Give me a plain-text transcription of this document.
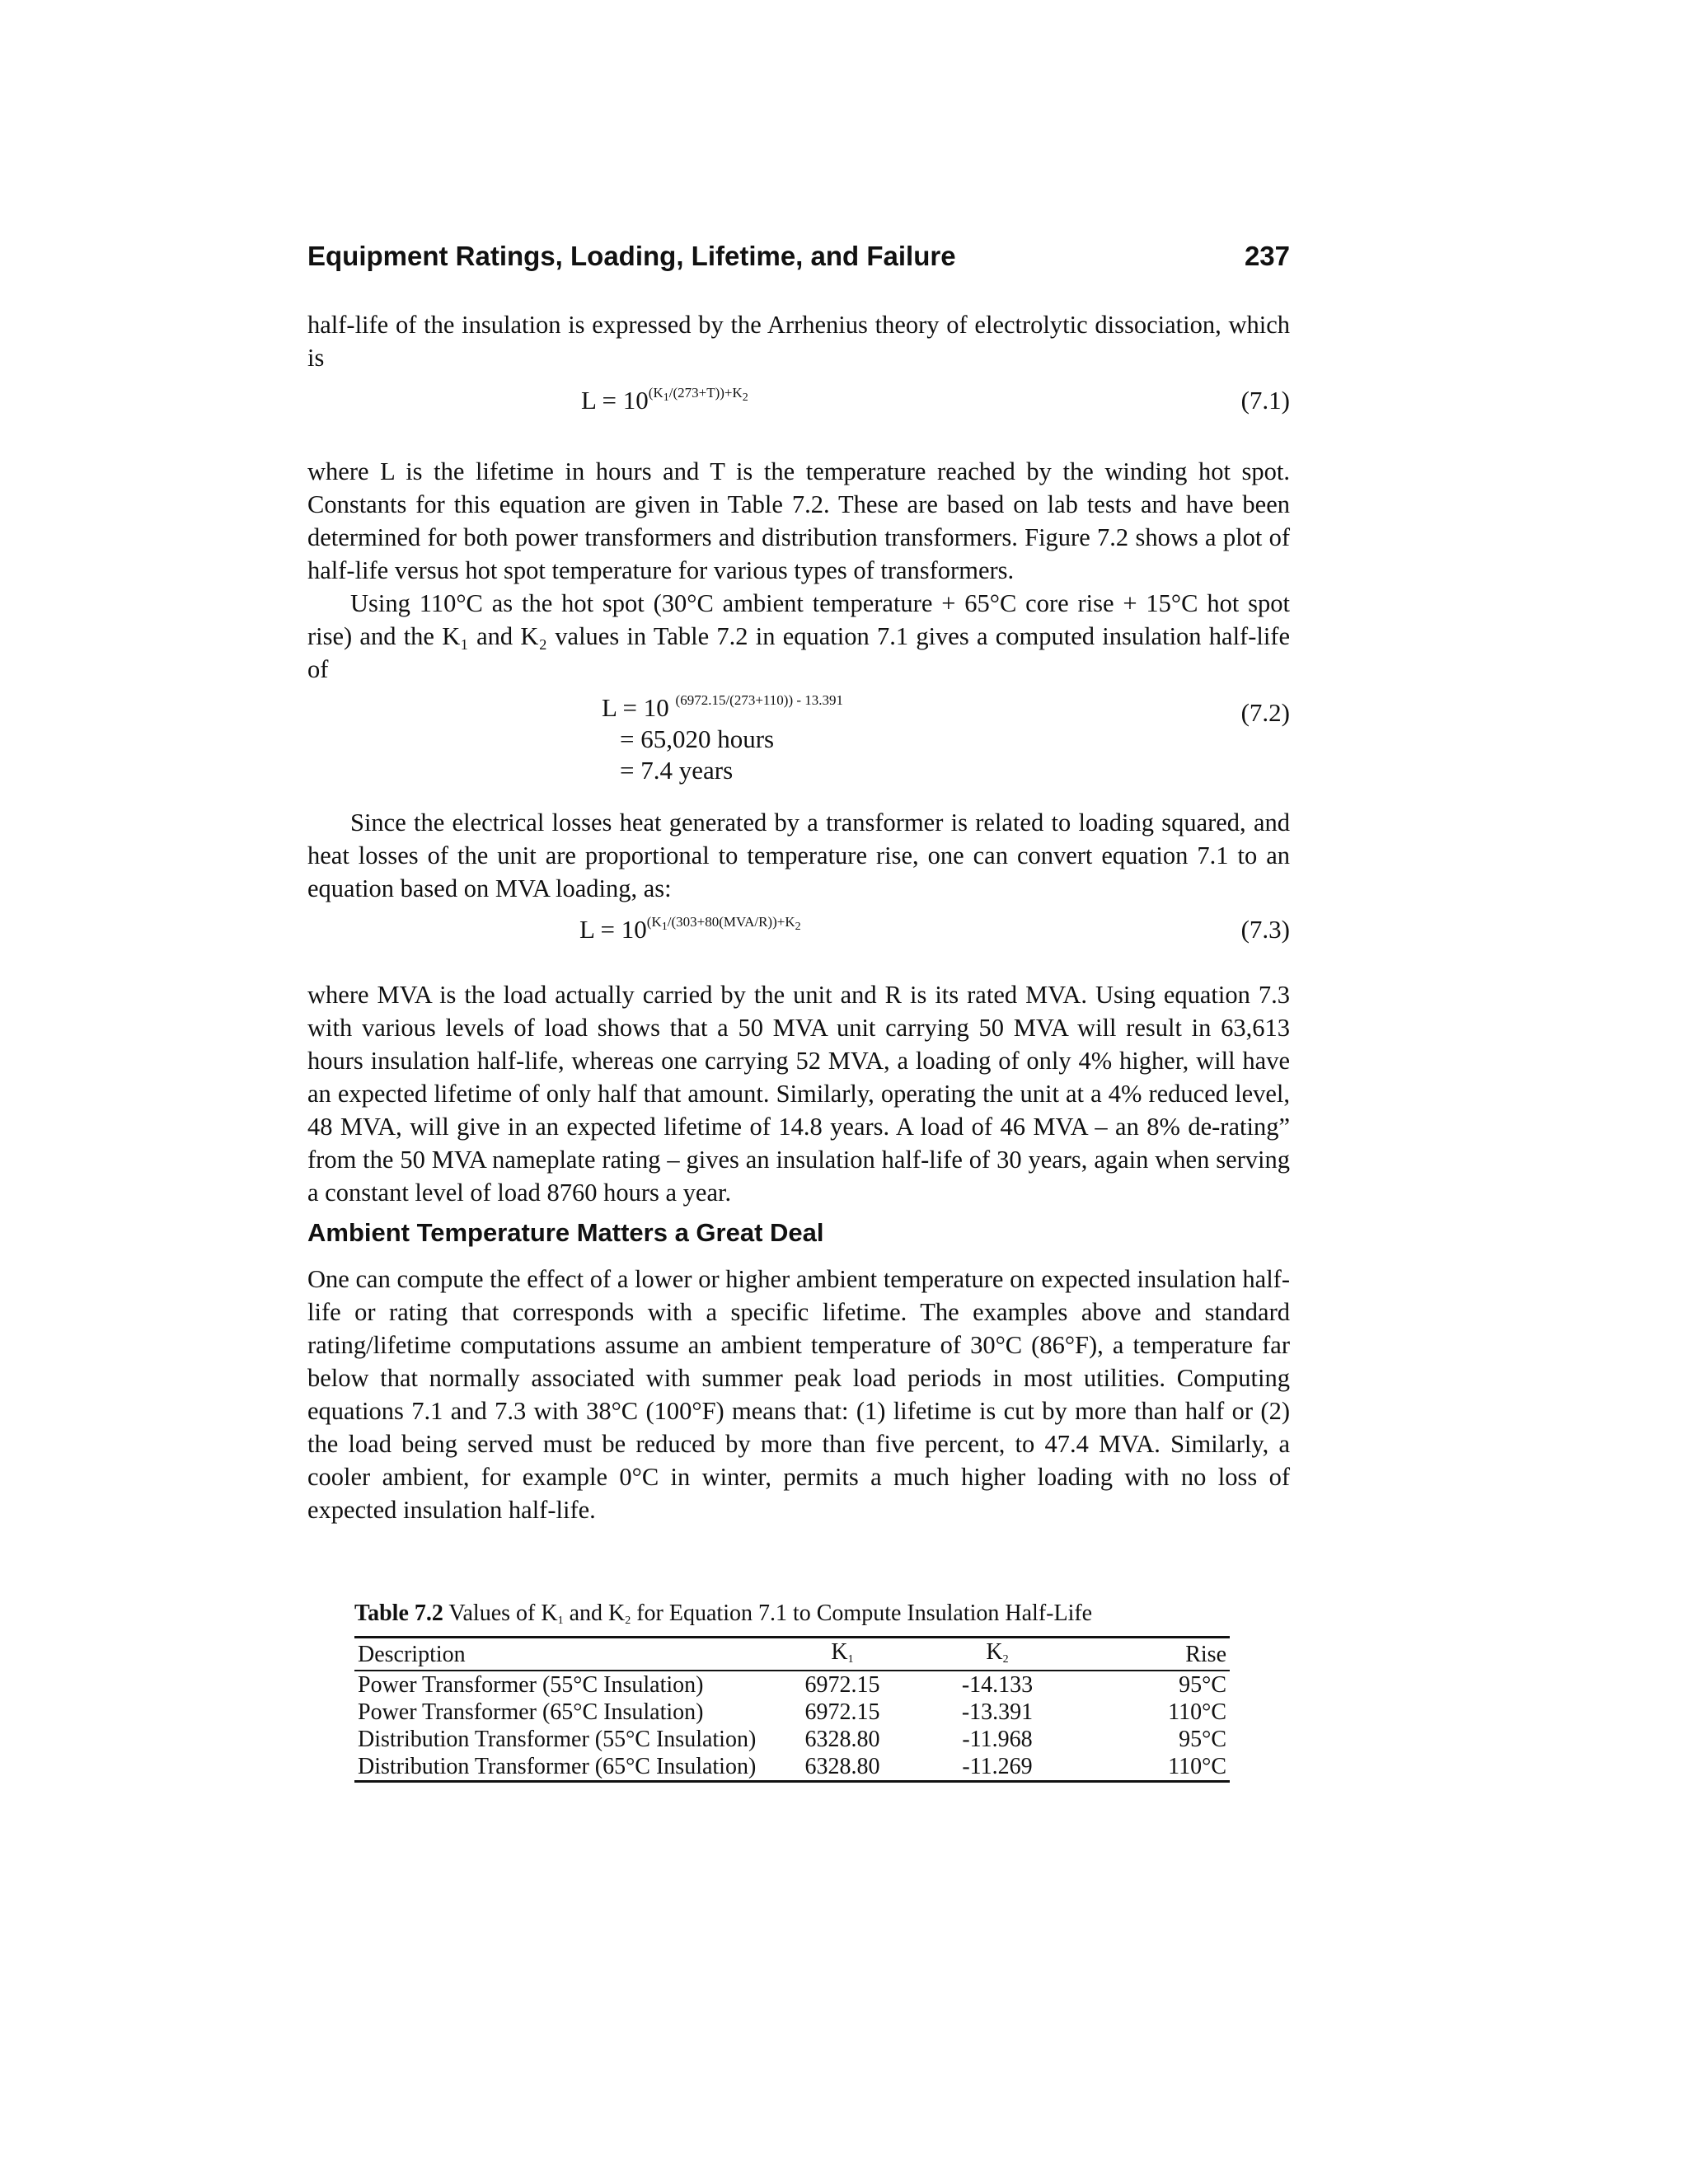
Equipment Ratings, Loading, Lifetime, and Failure	237

half-life of the insulation is expressed by the Arrhenius theory of electrolytic dissociation, which is

$L = 10^{(K_1/(273+T))+K_2}$	(7.1)

where L is the lifetime in hours and T is the temperature reached by the winding hot spot. Constants for this equation are given in Table 7.2. These are based on lab tests and have been determined for both power transformers and distribution transformers. Figure 7.2 shows a plot of half-life versus hot spot temperature for various types of transformers.

Using 110°C as the hot spot (30°C ambient temperature + 65°C core rise + 15°C hot spot rise) and the K₁ and K₂ values in Table 7.2 in equation 7.1 gives a computed insulation half-life of

L = 10 $^{(6972.15/(273+110)) - 13.391}$	(7.2)
= 65,020 hours
= 7.4 years

Since the electrical losses heat generated by a transformer is related to loading squared, and heat losses of the unit are proportional to temperature rise, one can convert equation 7.1 to an equation based on MVA loading, as:

$L = 10^{(K_1/(303+80(MVA/R))+K_2}$	(7.3)

where MVA is the load actually carried by the unit and R is its rated MVA. Using equation 7.3 with various levels of load shows that a 50 MVA unit carrying 50 MVA will result in 63,613 hours insulation half-life, whereas one carrying 52 MVA, a loading of only 4% higher, will have an expected lifetime of only half that amount. Similarly, operating the unit at a 4% reduced level, 48 MVA, will give in an expected lifetime of 14.8 years. A load of 46 MVA – an 8% de-rating” from the 50 MVA nameplate rating – gives an insulation half-life of 30 years, again when serving a constant level of load 8760 hours a year.

Ambient Temperature Matters a Great Deal

One can compute the effect of a lower or higher ambient temperature on expected insulation half-life or rating that corresponds with a specific lifetime. The examples above and standard rating/lifetime computations assume an ambient temperature of 30°C (86°F), a temperature far below that normally associated with summer peak load periods in most utilities. Computing equations 7.1 and 7.3 with 38°C (100°F) means that: (1) lifetime is cut by more than half or (2) the load being served must be reduced by more than five percent, to 47.4 MVA. Similarly, a cooler ambient, for example 0°C in winter, permits a much higher loading with no loss of expected insulation half-life.

Table 7.2 Values of K1 and K2 for Equation 7.1 to Compute Insulation Half-Life
Description	K1	K2	Rise
Power Transformer (55°C Insulation)	6972.15	-14.133	95°C
Power Transformer (65°C Insulation)	6972.15	-13.391	110°C
Distribution Transformer (55°C Insulation)	6328.80	-11.968	95°C
Distribution Transformer (65°C Insulation)	6328.80	-11.269	110°C
